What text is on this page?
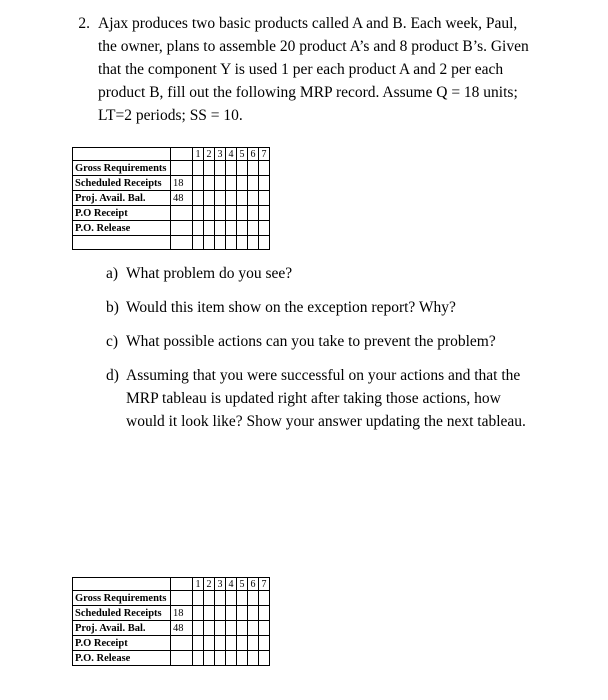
2. Ajax produces two basic products called A and B. Each week, Paul, the owner, plans to assemble 20 product A’s and 8 product B’s. Given that the component Y is used 1 per each product A and 2 per each product B, fill out the following MRP record. Assume Q = 18 units; LT=2 periods; SS = 10.
		1	2	3	4	5	6	7
Gross Requirements								
Scheduled Receipts	18							
Proj. Avail. Bal.	48							
P.O Receipt								
P.O. Release								

a) What problem do you see?
b) Would this item show on the exception report? Why?
c) What possible actions can you take to prevent the problem?
d) Assuming that you were successful on your actions and that the MRP tableau is updated right after taking those actions, how would it look like? Show your answer updating the next tableau.
		1	2	3	4	5	6	7
Gross Requirements								
Scheduled Receipts	18							
Proj. Avail. Bal.	48							
P.O Receipt								
P.O. Release								
